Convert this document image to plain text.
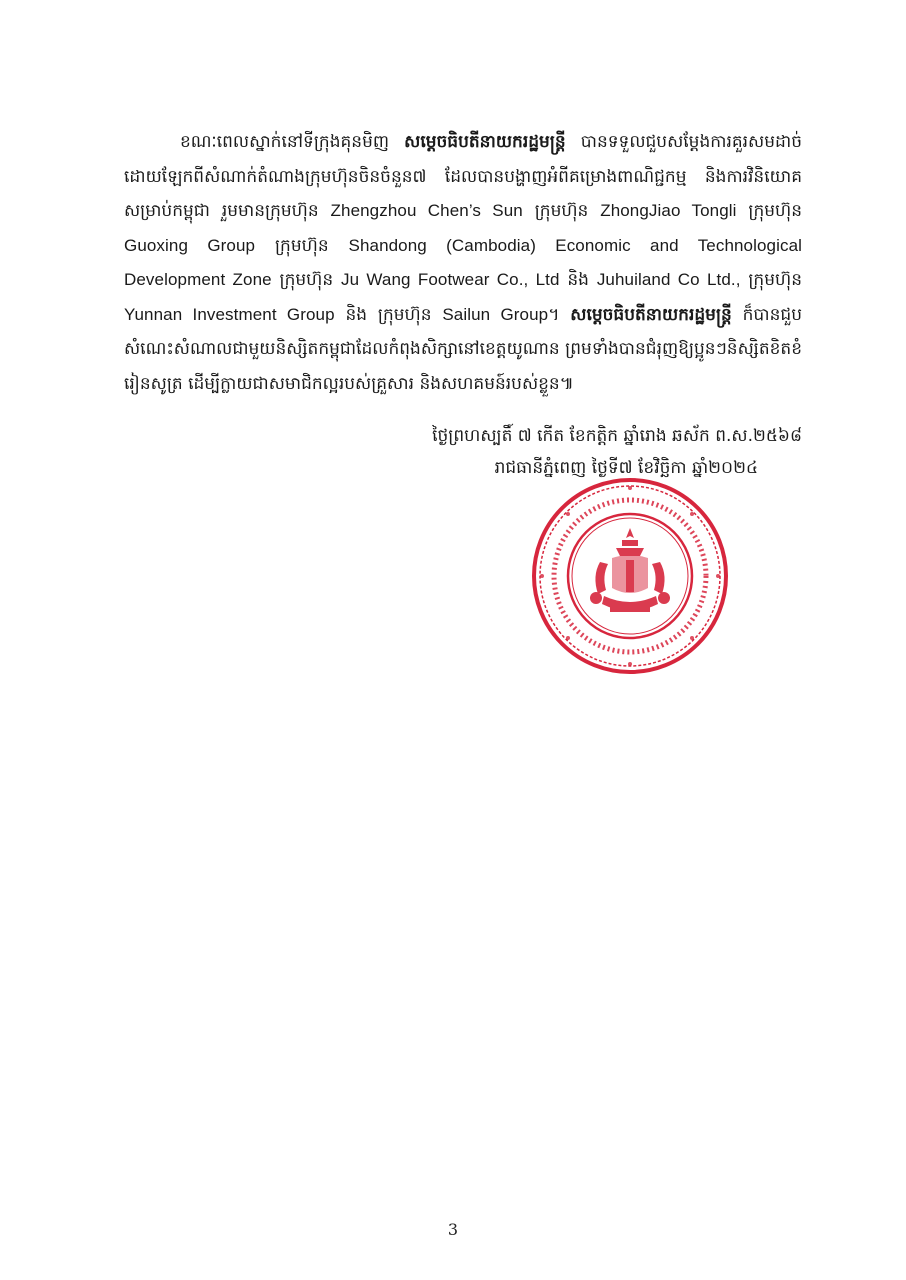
ខណៈពេលស្នាក់នៅទីក្រុងគុនមិញ សម្តេចធិបតីនាយករដ្ឋមន្ត្រី បានទទួលជួបសម្តែងការគួរសមដាច់ដោយឡែកពីសំណាក់តំណាងក្រុមហ៊ុនចិនចំនួន៧ ដែលបានបង្ហាញអំពីគម្រោងពាណិជ្ជកម្ម និងការវិនិយោគសម្រាប់កម្ពុជា រួមមានក្រុមហ៊ុន Zhengzhou Chen’s Sun ក្រុមហ៊ុន ZhongJiao Tongli ក្រុមហ៊ុន Guoxing Group ក្រុមហ៊ុន Shandong (Cambodia) Economic and Technological Development Zone ក្រុមហ៊ុន Ju Wang Footwear Co., Ltd និង Juhuiland Co Ltd., ក្រុមហ៊ុន Yunnan Investment Group និង ក្រុមហ៊ុន Sailun Group។ សម្តេចធិបតីនាយករដ្ឋមន្ត្រី ក៏បានជួបសំណេះសំណាលជាមួយនិស្សិតកម្ពុជាដែលកំពុងសិក្សានៅខេត្តយូណាន ព្រមទាំងបានជំរុញឱ្យប្អូនៗនិស្សិតខិតខំរៀនសូត្រ ដើម្បីក្លាយជាសមាជិកល្អរបស់គ្រួសារ និងសហគមន៍របស់ខ្លួន៕

ថ្ងៃព្រហស្បតិ៍ ៧ កើត ខែកត្តិក ឆ្នាំរោង ឆស័ក ព.ស.២៥៦៨
រាជធានីភ្នំពេញ ថ្ងៃទី៧ ខែវិច្ឆិកា ឆ្នាំ២០២៤
3
